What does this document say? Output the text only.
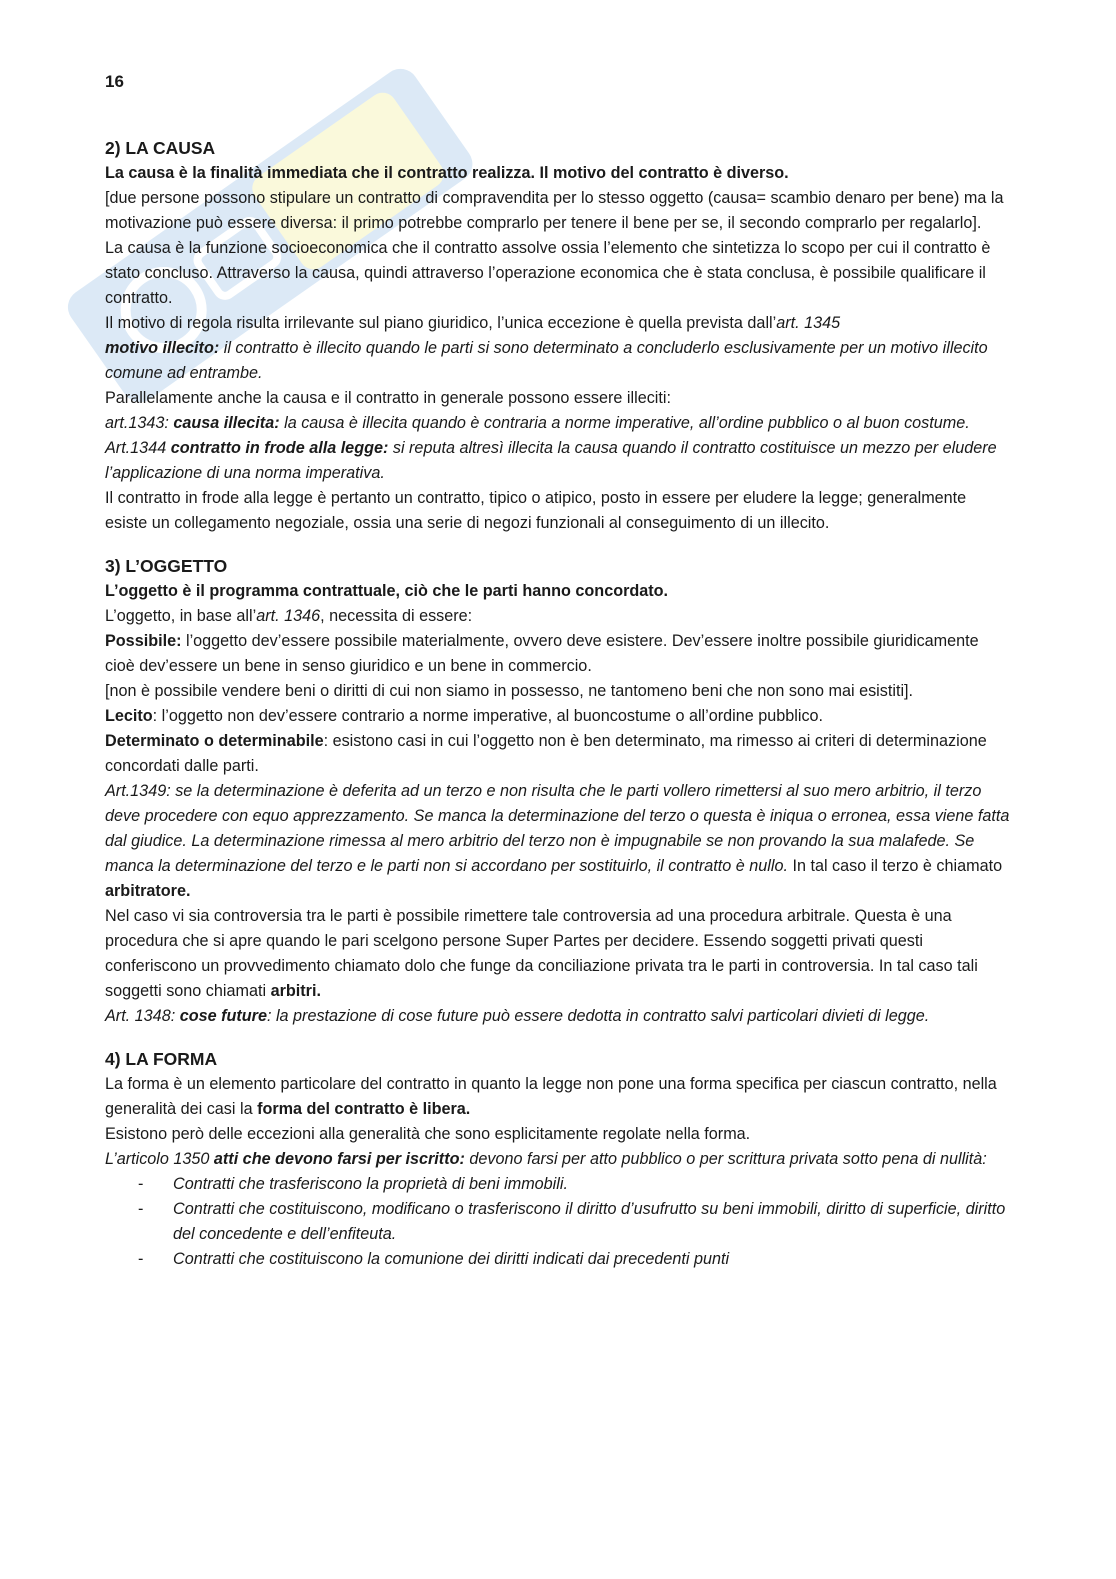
16
2) LA CAUSA

La causa è la finalità immediata che il contratto realizza. Il motivo del contratto è diverso.

[due persone possono stipulare un contratto di compravendita per lo stesso oggetto (causa= scambio denaro per bene) ma la motivazione può essere diversa: il primo potrebbe comprarlo per tenere il bene per se, il secondo comprarlo per regalarlo].

La causa è la funzione socioeconomica che il contratto assolve ossia l’elemento che sintetizza lo scopo per cui il contratto è stato concluso. Attraverso la causa, quindi attraverso l’operazione economica che è stata conclusa, è possibile qualificare il contratto.

Il motivo di regola risulta irrilevante sul piano giuridico, l’unica eccezione è quella prevista dall’art. 1345
motivo illecito: il contratto è illecito quando le parti si sono determinato a concluderlo esclusivamente per un motivo illecito comune ad entrambe.

Parallelamente anche la causa e il contratto in generale possono essere illeciti:

art.1343: causa illecita: la causa è illecita quando è contraria a norme imperative, all’ordine pubblico o al buon costume.

Art.1344 contratto in frode alla legge: si reputa altresì illecita la causa quando il contratto costituisce un mezzo per eludere l’applicazione di una norma imperativa.

Il contratto in frode alla legge è pertanto un contratto, tipico o atipico, posto in essere per eludere la legge; generalmente esiste un collegamento negoziale, ossia una serie di negozi funzionali al conseguimento di un illecito.

3) L’OGGETTO

L’oggetto è il programma contrattuale, ciò che le parti hanno concordato.

L’oggetto, in base all’art. 1346, necessita di essere:

Possibile: l’oggetto dev’essere possibile materialmente, ovvero deve esistere. Dev’essere inoltre possibile giuridicamente cioè dev’essere un bene in senso giuridico e un bene in commercio.

[non è possibile vendere beni o diritti di cui non siamo in possesso, ne tantomeno beni che non sono mai esistiti].

Lecito: l’oggetto non dev’essere contrario a norme imperative, al buoncostume o all’ordine pubblico.

Determinato o determinabile: esistono casi in cui l’oggetto non è ben determinato, ma rimesso ai criteri di determinazione concordati dalle parti.

Art.1349: se la determinazione è deferita ad un terzo e non risulta che le parti vollero rimettersi al suo mero arbitrio, il terzo deve procedere con equo apprezzamento. Se manca la determinazione del terzo o questa è iniqua o erronea, essa viene fatta dal giudice. La determinazione rimessa al mero arbitrio del terzo non è impugnabile se non provando la sua malafede. Se manca la determinazione del terzo e le parti non si accordano per sostituirlo, il contratto è nullo. In tal caso il terzo è chiamato arbitratore.

Nel caso vi sia controversia tra le parti è possibile rimettere tale controversia ad una procedura arbitrale. Questa è una procedura che si apre quando le pari scelgono persone Super Partes per decidere. Essendo soggetti privati questi conferiscono un provvedimento chiamato dolo che funge da conciliazione privata tra le parti in controversia. In tal caso tali soggetti sono chiamati arbitri.

Art. 1348: cose future: la prestazione di cose future può essere dedotta in contratto salvi particolari divieti di legge.

4) LA FORMA

La forma è un elemento particolare del contratto in quanto la legge non pone una forma specifica per ciascun contratto, nella generalità dei casi la forma del contratto è libera.

Esistono però delle eccezioni alla generalità che sono esplicitamente regolate nella forma.

L’articolo 1350 atti che devono farsi per iscritto: devono farsi per atto pubblico o per scrittura privata sotto pena di nullità:

- Contratti che trasferiscono la proprietà di beni immobili.
- Contratti che costituiscono, modificano o trasferiscono il diritto d’usufrutto su beni immobili, diritto di superficie, diritto del concedente e dell’enfiteuta.
- Contratti che costituiscono la comunione dei diritti indicati dai precedenti punti
